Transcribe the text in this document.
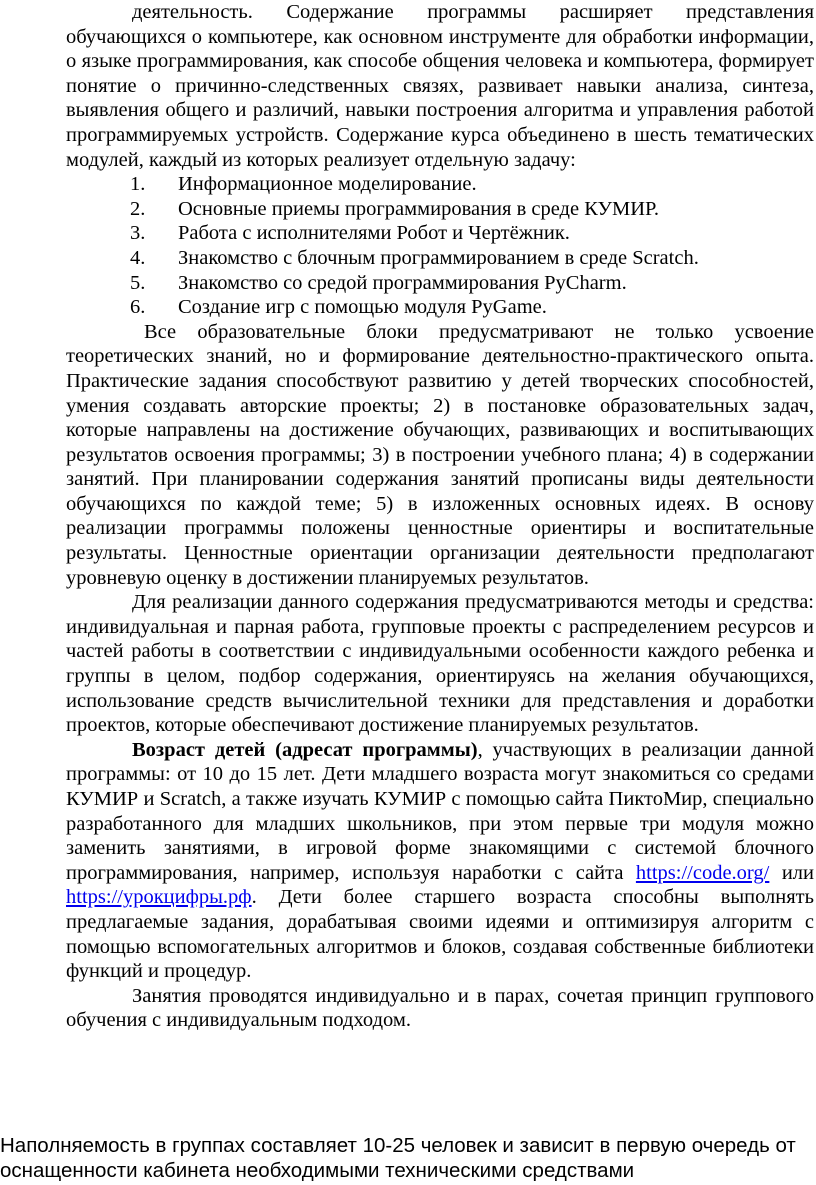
деятельность. Содержание программы расширяет представления обучающихся о компьютере, как основном инструменте для обработки информации, о языке программирования, как способе общения человека и компьютера, формирует понятие о причинно-следственных связях, развивает навыки анализа, синтеза, выявления общего и различий, навыки построения алгоритма и управления работой программируемых устройств. Содержание курса объединено в шесть тематических модулей, каждый из которых реализует отдельную задачу:

1. Информационное моделирование.
2. Основные приемы программирования в среде КУМИР.
3. Работа с исполнителями Робот и Чертёжник.
4. Знакомство с блочным программированием в среде Scratch.
5. Знакомство со средой программирования PyCharm.
6. Создание игр с помощью модуля PyGame.

Все образовательные блоки предусматривают не только усвоение теоретических знаний, но и формирование деятельностно-практического опыта. Практические задания способствуют развитию у детей творческих способностей, умения создавать авторские проекты; 2) в постановке образовательных задач, которые направлены на достижение обучающих, развивающих и воспитывающих результатов освоения программы; 3) в построении учебного плана; 4) в содержании занятий. При планировании содержания занятий прописаны виды деятельности обучающихся по каждой теме; 5) в изложенных основных идеях. В основу реализации программы положены ценностные ориентиры и воспитательные результаты. Ценностные ориентации организации деятельности предполагают уровневую оценку в достижении планируемых результатов.

Для реализации данного содержания предусматриваются методы и средства: индивидуальная и парная работа, групповые проекты с распределением ресурсов и частей работы в соответствии с индивидуальными особенности каждого ребенка и группы в целом, подбор содержания, ориентируясь на желания обучающихся, использование средств вычислительной техники для представления и доработки проектов, которые обеспечивают достижение планируемых результатов.

Возраст детей (адресат программы), участвующих в реализации данной программы: от 10 до 15 лет. Дети младшего возраста могут знакомиться со средами КУМИР и Scratch, а также изучать КУМИР с помощью сайта ПиктоМир, специально разработанного для младших школьников, при этом первые три модуля можно заменить занятиями, в игровой форме знакомящими с системой блочного программирования, например, используя наработки с сайта https://code.org/ или https://урокцифры.рф. Дети более старшего возраста способны выполнять предлагаемые задания, дорабатывая своими идеями и оптимизируя алгоритм с помощью вспомогательных алгоритмов и блоков, создавая собственные библиотеки функций и процедур.

Занятия проводятся индивидуально и в парах, сочетая принцип группового обучения с индивидуальным подходом.

Наполняемость в группах составляет 10-25 человек и зависит в первую очередь от оснащенности кабинета необходимыми техническими средствами
